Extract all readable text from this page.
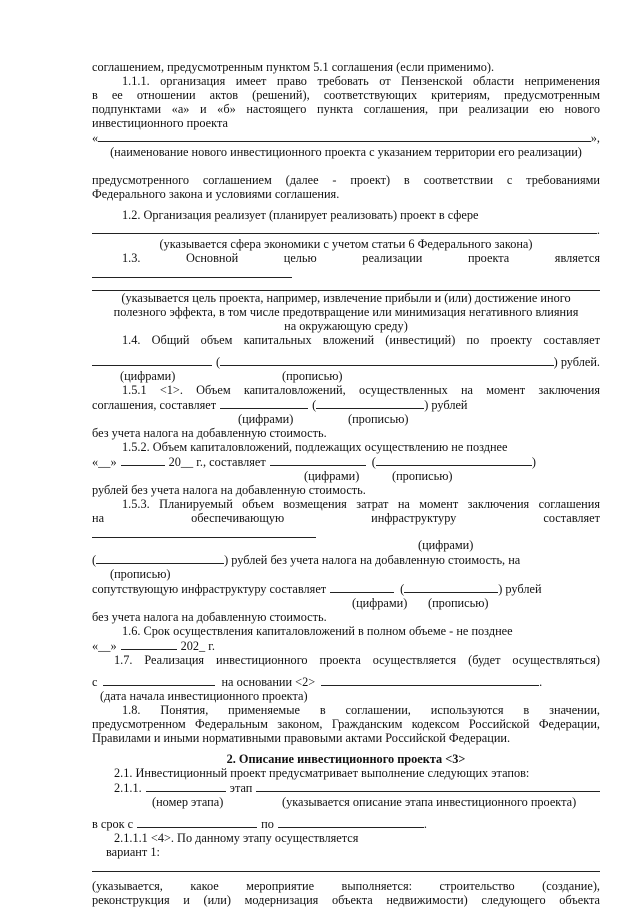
соглашением, предусмотренным пунктом 5.1 соглашения (если применимо).

1.1.1. организация имеет право требовать от Пензенской области неприменения

в ее отношении актов (решений), соответствующих критериям, предусмотренным

подпунктами «а» и «б» настоящего пункта соглашения, при реализации ею нового

инвестиционного проекта

«	»,

(наименование нового инвестиционного проекта с указанием территории его реализации)

предусмотренного соглашением (далее - проект) в соответствии с требованиями

Федерального закона и условиями соглашения.

1.2. Организация реализует (планирует реализовать) проект в сфере

.

(указывается сфера экономики с учетом статьи 6 Федерального закона)

1.3. Основной целью реализации проекта является

(указывается цель проекта, например, извлечение прибыли и (или) достижение иного

полезного эффекта, в том числе предотвращение или минимизация негативного влияния

на окружающую среду)

1.4. Общий объем капитальных вложений (инвестиций) по проекту составляет

(	) рублей.
(цифрами)	(прописью)

1.5.1 <1>. Объем капиталовложений, осуществленных на момент заключения

соглашения, составляет	(	) рублей
(цифрами)	(прописью)

без учета налога на добавленную стоимость.

1.5.2. Объем капиталовложений, подлежащих осуществлению не позднее

«__»	20__ г., составляет	(	)
(цифрами)	(прописью)

рублей без учета налога на добавленную стоимость.

1.5.3. Планируемый объем возмещения затрат на момент заключения соглашения

на обеспечивающую инфраструктуру составляет

(цифрами)
(	) рублей без учета налога на добавленную стоимость, на
(прописью)
сопутствующую инфраструктуру составляет	(	) рублей
(цифрами) (прописью)

без учета налога на добавленную стоимость.

1.6. Срок осуществления капиталовложений в полном объеме - не позднее

«__»	202_ г.

1.7. Реализация инвестиционного проекта осуществляется (будет осуществляться)

с	на основании <2>	.

(дата начала инвестиционного проекта)

1.8. Понятия, применяемые в соглашении, используются в значении,

предусмотренном Федеральным законом, Гражданским кодексом Российской Федерации,

Правилами и иными нормативными правовыми актами Российской Федерации.

2. Описание инвестиционного проекта <3>

2.1. Инвестиционный проект предусматривает выполнение следующих этапов:

2.1.1.	этап
(номер этапа)	(указывается описание этапа инвестиционного проекта)
в срок с	по	.

2.1.1.1 <4>. По данному этапу осуществляется

вариант 1:

(указывается, какое мероприятие выполняется: строительство (создание),

реконструкция и (или) модернизация объекта недвижимости) следующего объекта
